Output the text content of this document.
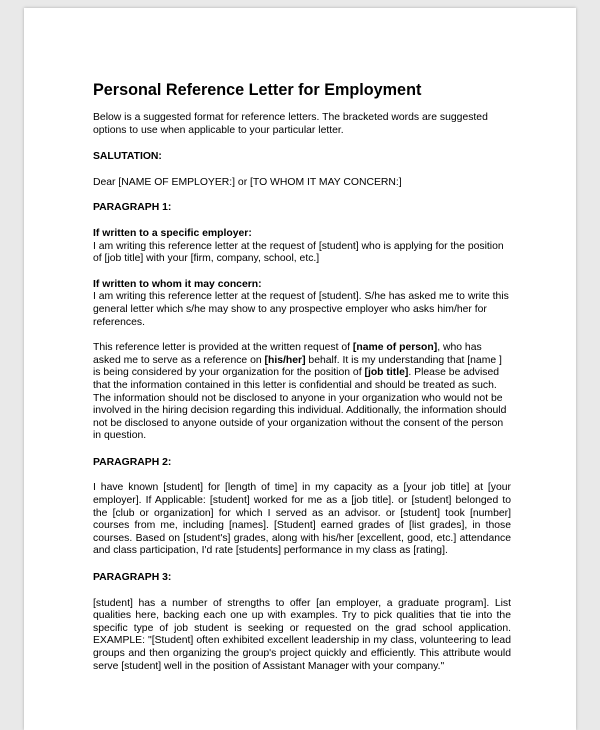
Personal Reference Letter for Employment

Below is a suggested format for reference letters. The bracketed words are suggested options to use when applicable to your particular letter.

SALUTATION:

Dear [NAME OF EMPLOYER:] or [TO WHOM IT MAY CONCERN:]

PARAGRAPH 1:

If written to a specific employer:

I am writing this reference letter at the request of [student] who is applying for the position of [job title] with your [firm, company, school, etc.]

If written to whom it may concern:

I am writing this reference letter at the request of [student]. S/he has asked me to write this general letter which s/he may show to any prospective employer who asks him/her for references.

This reference letter is provided at the written request of [name of person], who has asked me to serve as a reference on [his/her] behalf. It is my understanding that [name ] is being considered by your organization for the position of [job title]. Please be advised that the information contained in this letter is confidential and should be treated as such. The information should not be disclosed to anyone in your organization who would not be involved in the hiring decision regarding this individual. Additionally, the information should not be disclosed to anyone outside of your organization without the consent of the person in question.

PARAGRAPH 2:

I have known [student] for [length of time] in my capacity as a [your job title] at [your employer]. If Applicable: [student] worked for me as a [job title]. or [student] belonged to the [club or organization] for which I served as an advisor. or [student] took [number] courses from me, including [names]. [Student] earned grades of [list grades], in those courses. Based on [student's] grades, along with his/her [excellent, good, etc.] attendance and class participation, I'd rate [students] performance in my class as [rating].

PARAGRAPH 3:

[student] has a number of strengths to offer [an employer, a graduate program]. List qualities here, backing each one up with examples. Try to pick qualities that tie into the specific type of job student is seeking or requested on the grad school application. EXAMPLE: "[Student] often exhibited excellent leadership in my class, volunteering to lead groups and then organizing the group's project quickly and efficiently. This attribute would serve [student] well in the position of Assistant Manager with your company."
